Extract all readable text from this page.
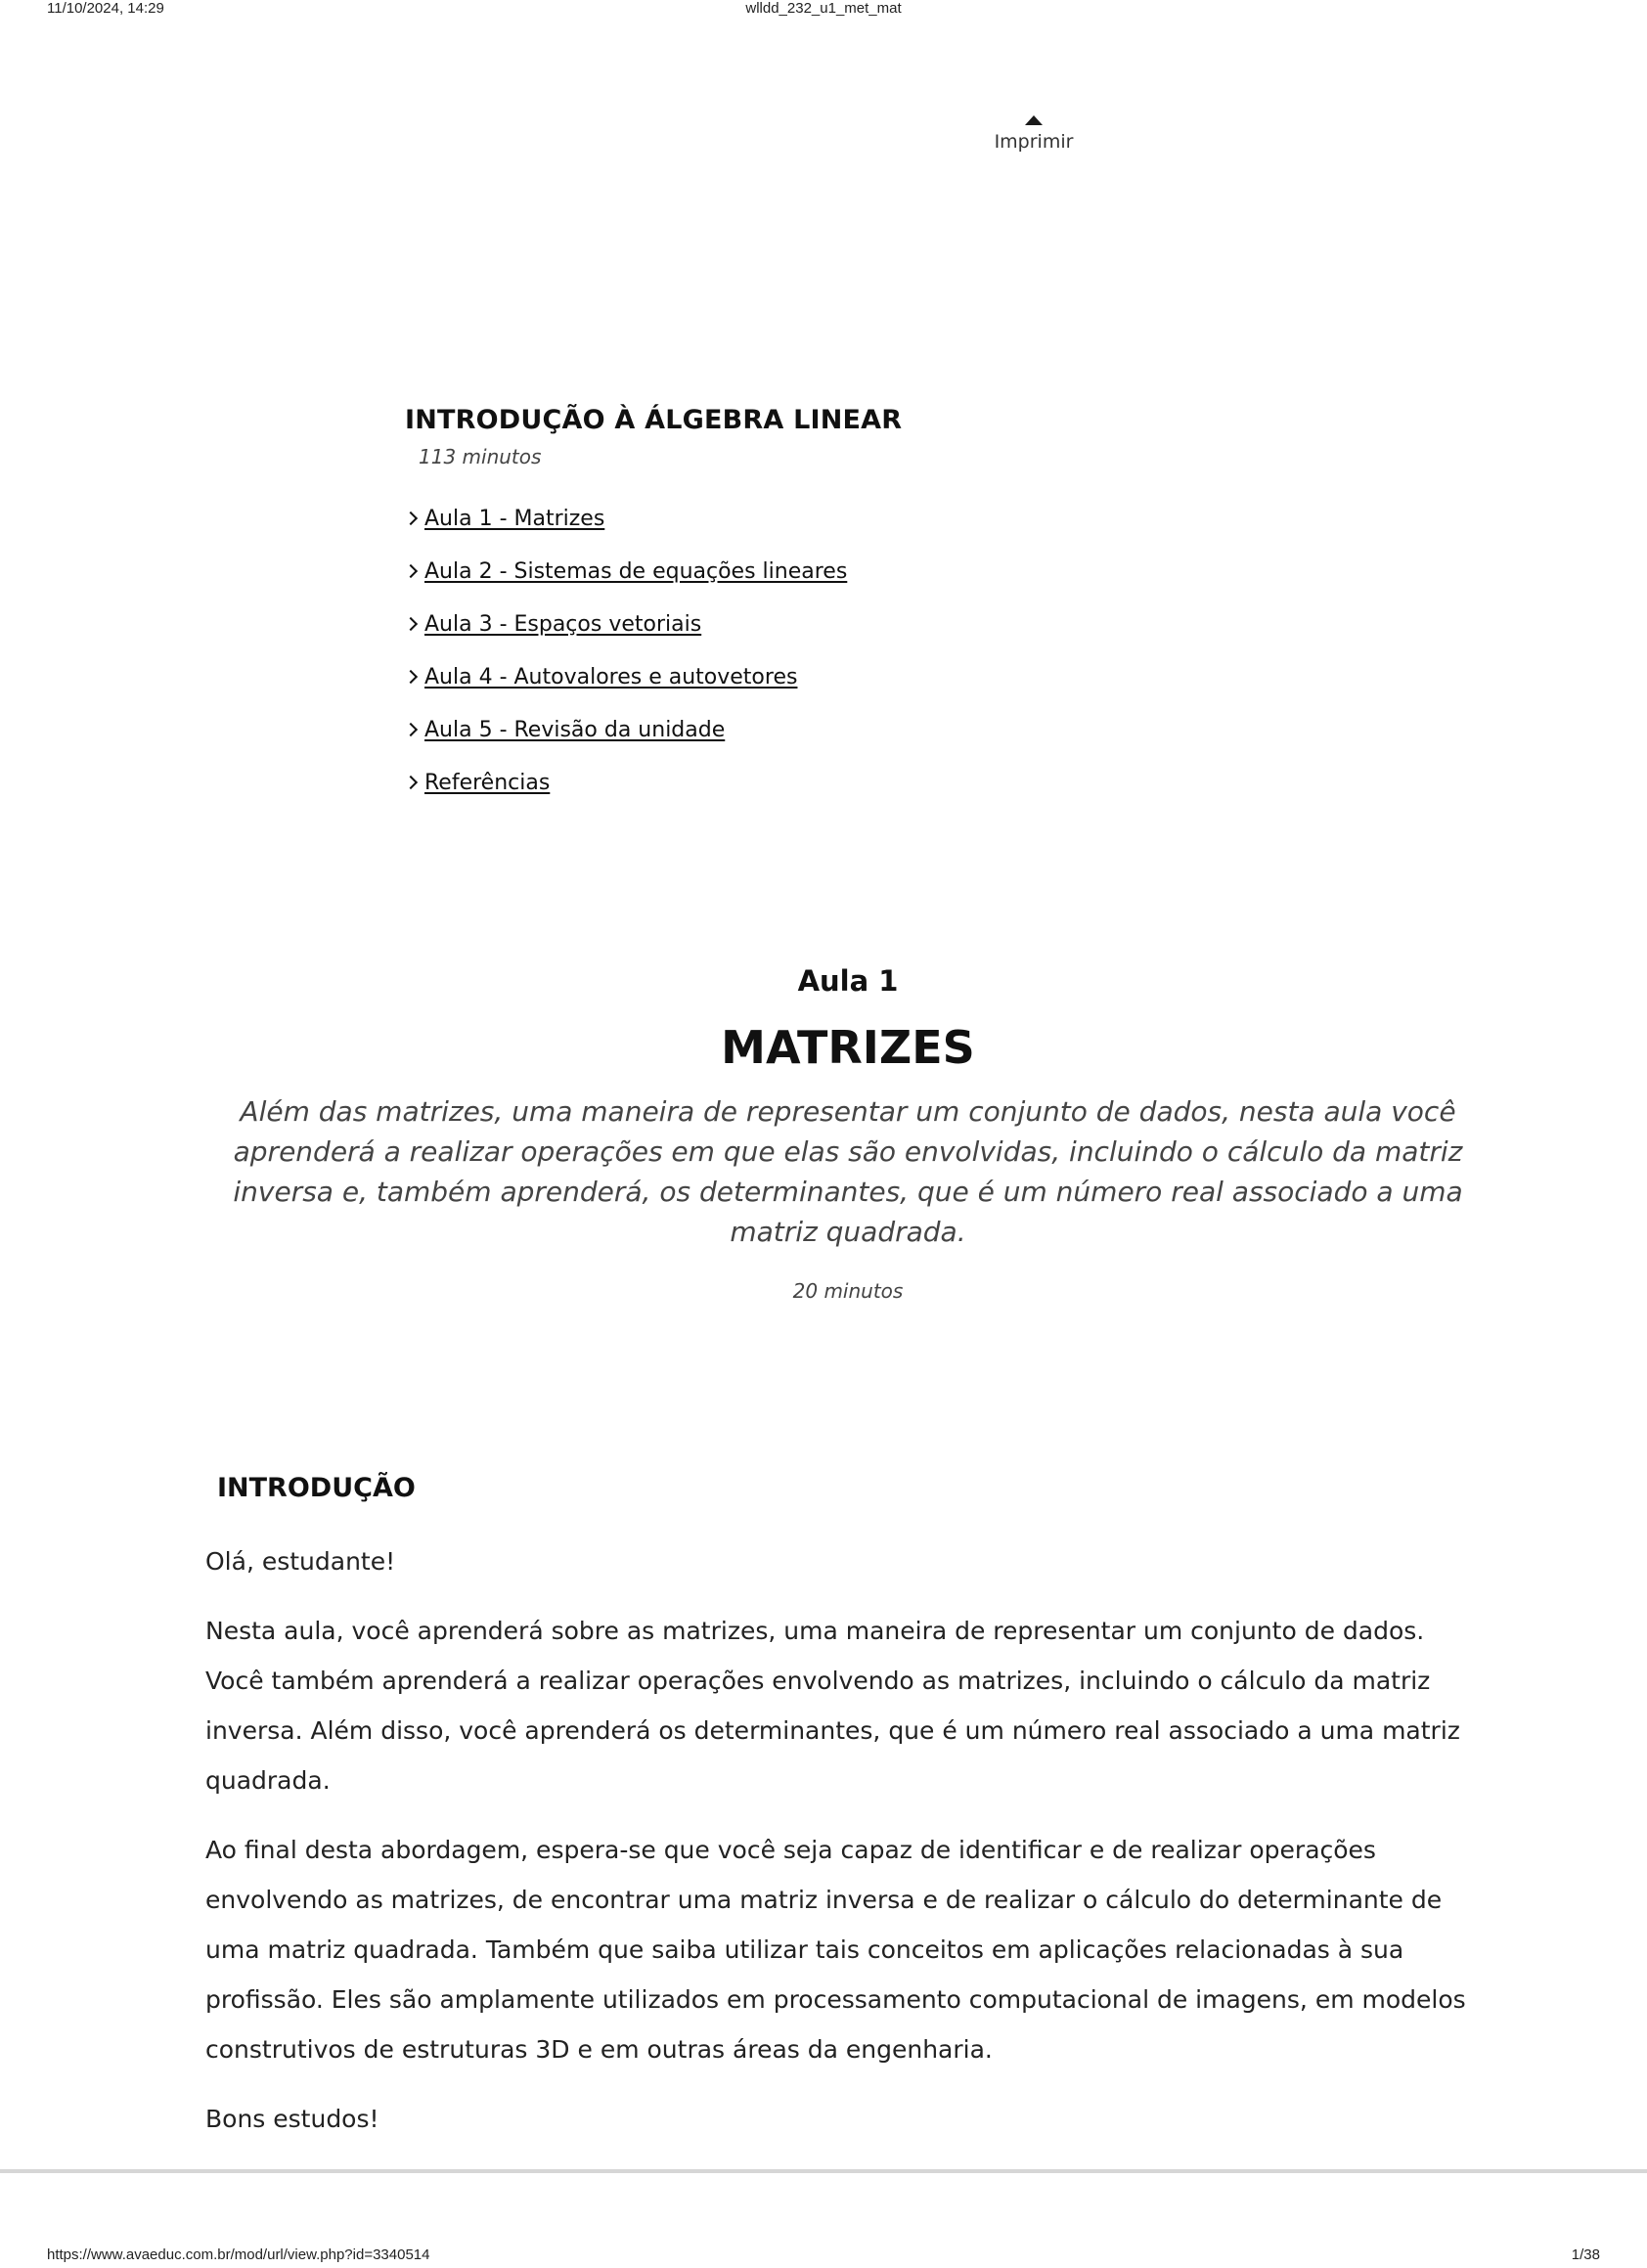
11/10/2024, 14:29	wlldd_232_u1_met_mat
Imprimir
INTRODUÇÃO À ÁLGEBRA LINEAR
113 minutos
Aula 1 - Matrizes
Aula 2 - Sistemas de equações lineares
Aula 3 - Espaços vetoriais
Aula 4 - Autovalores e autovetores
Aula 5 - Revisão da unidade
Referências
Aula 1
MATRIZES

Além das matrizes, uma maneira de representar um conjunto de dados, nesta aula você aprenderá a realizar operações em que elas são envolvidas, incluindo o cálculo da matriz inversa e, também aprenderá, os determinantes, que é um número real associado a uma matriz quadrada.

20 minutos

INTRODUÇÃO

Olá, estudante!

Nesta aula, você aprenderá sobre as matrizes, uma maneira de representar um conjunto de dados. Você também aprenderá a realizar operações envolvendo as matrizes, incluindo o cálculo da matriz inversa. Além disso, você aprenderá os determinantes, que é um número real associado a uma matriz quadrada.

Ao final desta abordagem, espera-se que você seja capaz de identificar e de realizar operações envolvendo as matrizes, de encontrar uma matriz inversa e de realizar o cálculo do determinante de uma matriz quadrada. Também que saiba utilizar tais conceitos em aplicações relacionadas à sua profissão. Eles são amplamente utilizados em processamento computacional de imagens, em modelos construtivos de estruturas 3D e em outras áreas da engenharia.

Bons estudos!

https://www.avaeduc.com.br/mod/url/view.php?id=3340514	1/38
